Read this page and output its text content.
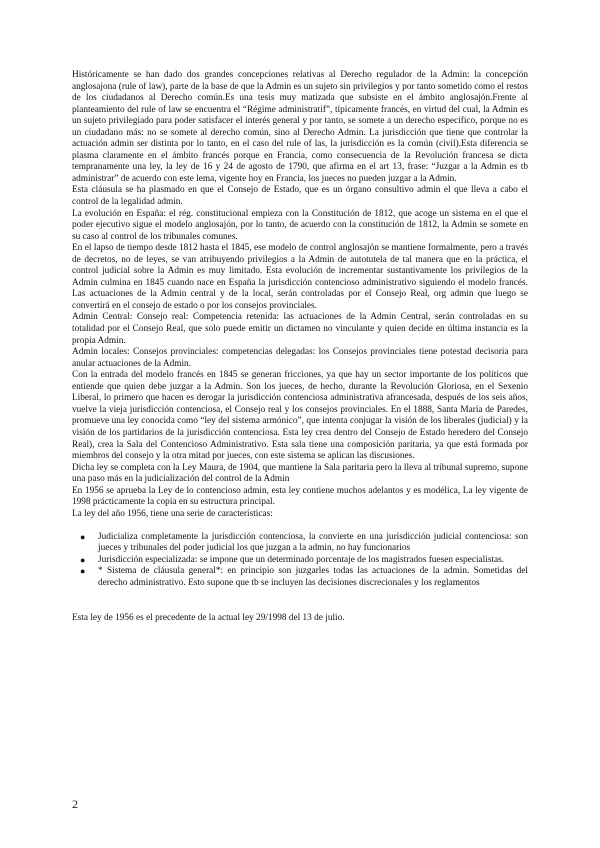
Históricamente se han dado dos grandes concepciones relativas al Derecho regulador de la Admin: la concepción anglosajona (rule of law), parte de la base de que la Admin es un sujeto sin privilegios y por tanto sometido como el restos de los ciudadanos al Derecho común.Es una tesis muy matizada que subsiste en el ámbito anglosajón.Frente al planteamiento del rule of law se encuentra el “Régime administratif”, típicamente francés, en virtud del cual, la Admin es un sujeto privilegiado para poder satisfacer el interés general y por tanto, se somete a un derecho específico, porque no es un ciudadano más: no se somete al derecho común, sino al Derecho Admin. La jurisdicción que tiene que controlar la actuación admin ser distinta por lo tanto, en el caso del rule of las, la jurisdicción es la común (civil).Esta diferencia se plasma claramente en el ámbito francés porque en Francia, como consecuencia de la Revolución francesa se dicta tempranamente una ley, la ley de 16 y 24 de agosto de 1790, que afirma en el art 13, frase: “Juzgar a la Admin es tb administrar” de acuerdo con este lema, vigente hoy en Francia, los jueces no pueden juzgar a la Admin.

Esta cláusula se ha plasmado en que el Consejo de Estado, que es un órgano consultivo admin el que lleva a cabo el control de la legalidad admin.

La evolución en España: el rég. constitucional empieza con la Constitución de 1812, que acoge un sistema en el que el poder ejecutivo sigue el modelo anglosajón, por lo tanto, de acuerdo con la constitución de 1812, la Admin se somete en su caso al control de los tribunales comunes.

En el lapso de tiempo desde 1812 hasta el 1845, ese modelo de control anglosajón se mantiene formalmente, pero a través de decretos, no de leyes, se van atribuyendo privilegios a la Admin de autotutela de tal manera que en la práctica, el control judicial sobre la Admin es muy limitado. Esta evolución de incrementar sustantivamente los privilegios de la Admin culmina en 1845 cuando nace en España la jurisdicción contencioso administrativo siguiendo el modelo francés. Las actuaciones de la Admin central y de la local, serán controladas por el Consejo Real, org admin que luego se convertirá en el consejo de estado o por los consejos provinciales.

Admin Central: Consejo real: Competencia retenida: las actuaciones de la Admin Central, serán controladas en su totalidad por el Consejo Real, que solo puede emitir un dictamen no vinculante y quien decide en última instancia es la propia Admin.

Admin locales: Consejos provinciales: competencias delegadas: los Consejos provinciales tiene potestad decisoria para anular actuaciones de la Admin.

Con la entrada del modelo francés en 1845 se generan fricciones, ya que hay un sector importante de los políticos que entiende que quien debe juzgar a la Admin. Son los jueces, de hecho, durante la Revolución Gloriosa, en el Sexenio Liberal, lo primero que hacen es derogar la jurisdicción contenciosa administrativa afrancesada, después de los seis años, vuelve la vieja jurisdicción contenciosa, el Consejo real y los consejos provinciales. En el 1888, Santa María de Paredes, promueve una ley conocida como “ley del sistema armónico”, que intenta conjugar la visión de los liberales (judicial) y la visión de los partidarios de la jurisdicción contenciosa. Esta ley crea dentro del Consejo de Estado heredero del Consejo Real), crea la Sala del Contencioso Administrativo. Esta sala tiene una composición paritaria, ya que está formada por miembros del consejo y la otra mitad por jueces, con este sistema se aplican las discusiones.

Dicha ley se completa con la Ley Maura, de 1904, que mantiene la Sala paritaria pero la lleva al tribunal supremo, supone una paso más en la judicialización del control de la Admin

En 1956 se aprueba la Ley de lo contencioso admin, esta ley contiene muchos adelantos y es modélica, La ley vigente de 1998 prácticamente la copia en su estructura principal.

La ley del año 1956, tiene una serie de características:

● Judicializa completamente la jurisdicción contenciosa, la convierte en una jurisdicción judicial contenciosa: son jueces y tribunales del poder judicial los que juzgan a la admin, no hay funcionarios
● Jurisdicción especializada: se impone que un determinado porcentaje de los magistrados fuesen especialistas.
● * Sistema de cláusula general*: en principio son juzgarles todas las actuaciones de la admin. Sometidas del derecho administrativo. Esto supone que tb se incluyen las decisiones discrecionales y los reglamentos

Esta ley de 1956 es el precedente de la actual ley 29/1998 del 13 de julio.

2
